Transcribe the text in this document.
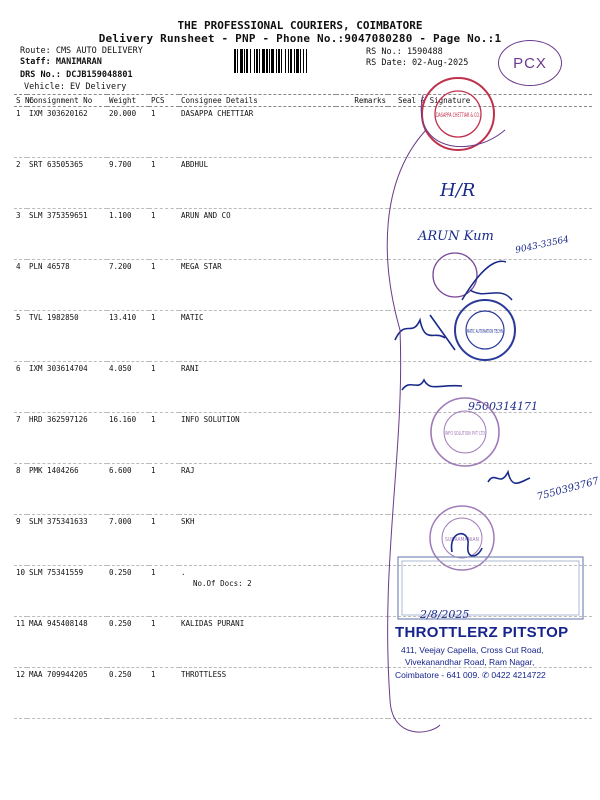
THE PROFESSIONAL COURIERS, COIMBATORE
Delivery Runsheet - PNP - Phone No.:9047080280 - Page No.:1
Route: CMS AUTO DELIVERY
Staff: MANIMARAN
DRS No.: DCJB159048801
Vehicle: EV Delivery
RS No.: 1590488
RS Date: 02-Aug-2025	PCX
S No	Consignment No	Weight	PCS	Consignee Details	Remarks	Seal & Signature
1	IXM 303620162	20.000	1	DASAPPA CHETTIAR		
2	SRT 63505365	9.700	1	ABDHUL		
3	SLM 375359651	1.100	1	ARUN AND CO		
4	PLN 46578	7.200	1	MEGA STAR		
5	TVL 1982850	13.410	1	MATIC		
6	IXM 303614704	4.050	1	RANI		
7	HRD 362597126	16.160	1	INFO SOLUTION		
8	PMK 1404266	6.600	1	RAJ		
9	SLM 375341633	7.000	1	SKH		
10	SLM 75341559	0.250	1	.
No.Of Docs: 2		

11	MAA 945408148	0.250	1	KALIDAS PURANI		
12	MAA 709944205	0.250	1	THROTTLESS		
DASAPPA CHETTIAR & CO.
H/R
ARUN Kum 9043-33564
MATIC AUTOMATION TECHN
9500314171
INFO SOLUTION PVT LTD
7550393767
SUBRAMANIAN
2/8/2025
THROTTLERZ PITSTOP
411, Veejay Capella, Cross Cut Road,
Vivekanandhar Road, Ram Nagar,
Coimbatore - 641 009. ✆ 0422 4214722
